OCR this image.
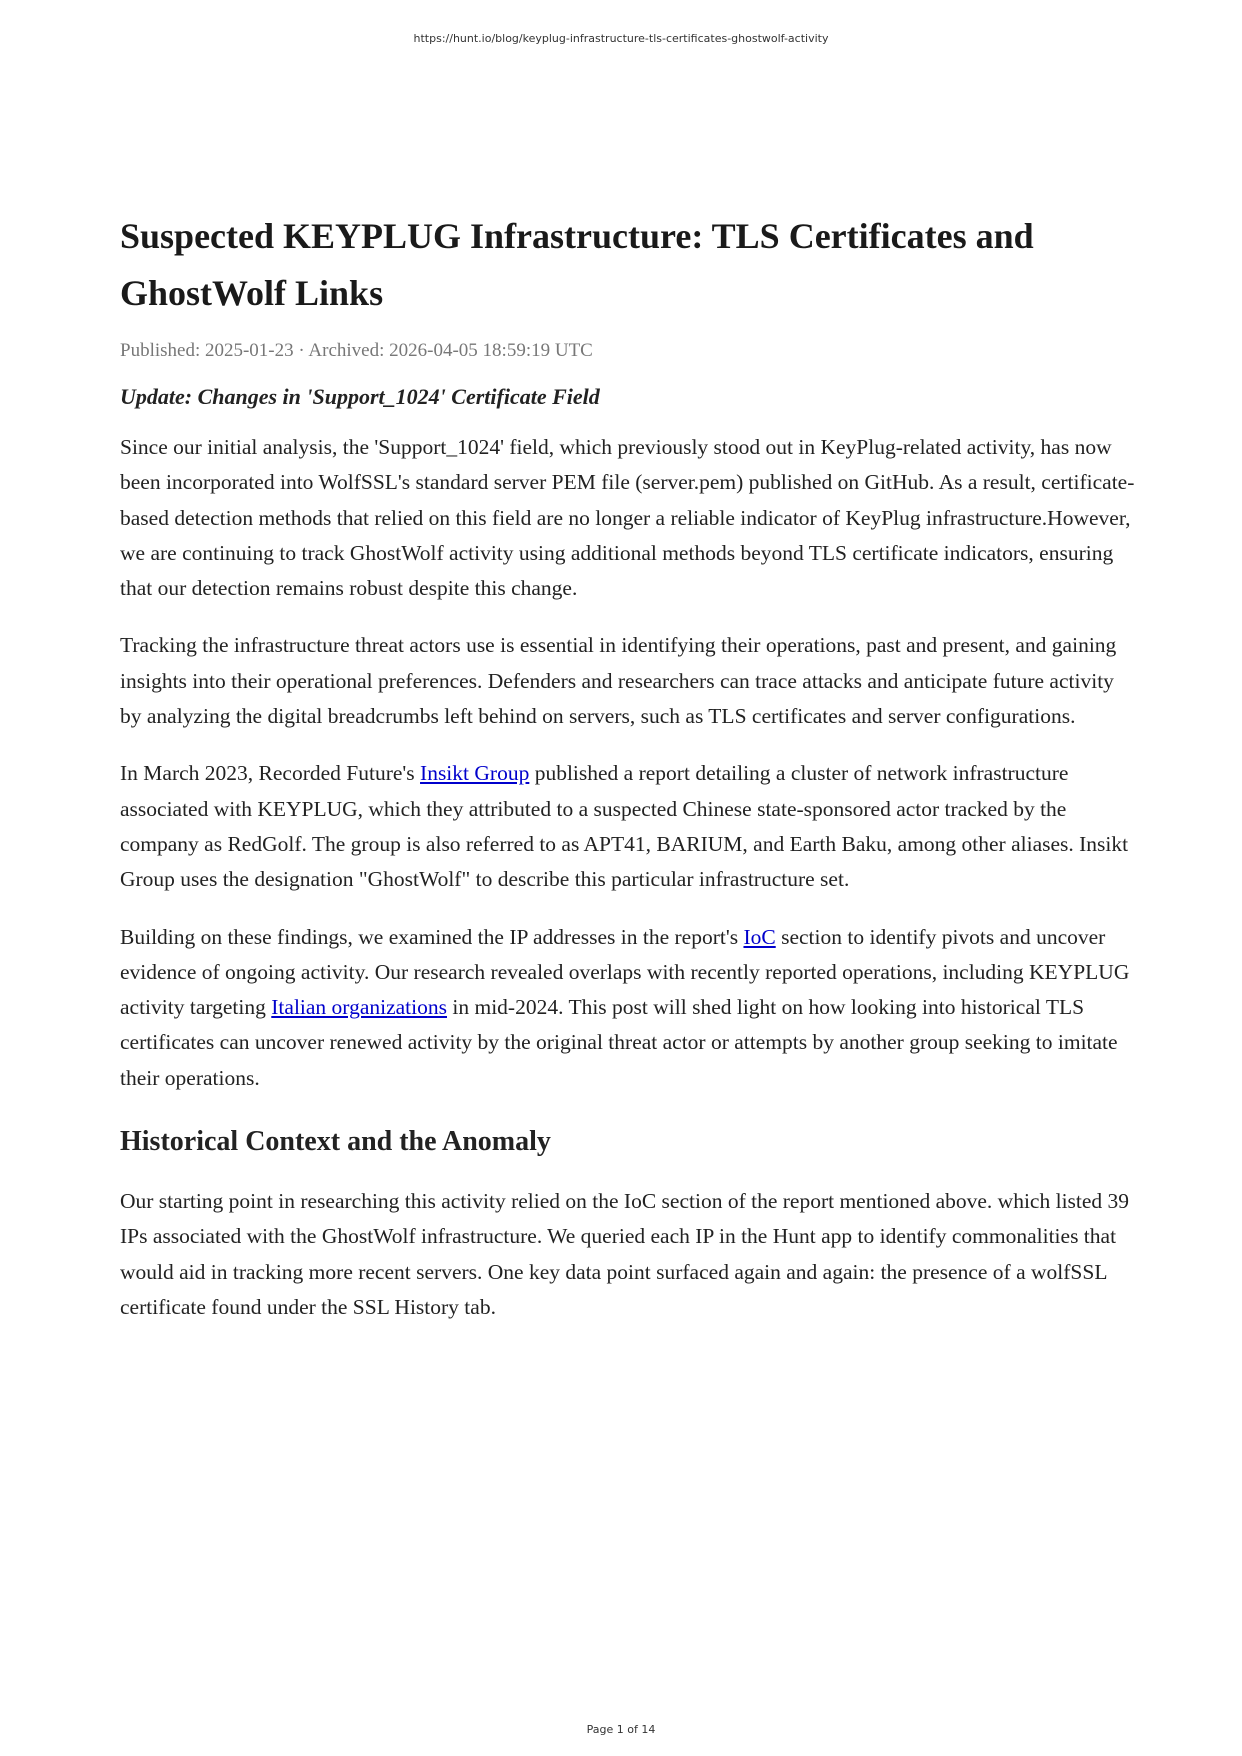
https://hunt.io/blog/keyplug-infrastructure-tls-certificates-ghostwolf-activity
Suspected KEYPLUG Infrastructure: TLS Certificates and GhostWolf Links
Published: 2025-01-23 · Archived: 2026-04-05 18:59:19 UTC
Update: Changes in 'Support_1024' Certificate Field

Since our initial analysis, the 'Support_1024' field, which previously stood out in KeyPlug-related activity, has now been incorporated into WolfSSL's standard server PEM file (server.pem) published on GitHub. As a result, certificate-based detection methods that relied on this field are no longer a reliable indicator of KeyPlug infrastructure.However, we are continuing to track GhostWolf activity using additional methods beyond TLS certificate indicators, ensuring that our detection remains robust despite this change.

Tracking the infrastructure threat actors use is essential in identifying their operations, past and present, and gaining insights into their operational preferences. Defenders and researchers can trace attacks and anticipate future activity by analyzing the digital breadcrumbs left behind on servers, such as TLS certificates and server configurations.

In March 2023, Recorded Future's Insikt Group published a report detailing a cluster of network infrastructure associated with KEYPLUG, which they attributed to a suspected Chinese state-sponsored actor tracked by the company as RedGolf. The group is also referred to as APT41, BARIUM, and Earth Baku, among other aliases. Insikt Group uses the designation "GhostWolf" to describe this particular infrastructure set.

Building on these findings, we examined the IP addresses in the report's IoC section to identify pivots and uncover evidence of ongoing activity. Our research revealed overlaps with recently reported operations, including KEYPLUG activity targeting Italian organizations in mid-2024. This post will shed light on how looking into historical TLS certificates can uncover renewed activity by the original threat actor or attempts by another group seeking to imitate their operations.

Historical Context and the Anomaly

Our starting point in researching this activity relied on the IoC section of the report mentioned above. which listed 39 IPs associated with the GhostWolf infrastructure. We queried each IP in the Hunt app to identify commonalities that would aid in tracking more recent servers. One key data point surfaced again and again: the presence of a wolfSSL certificate found under the SSL History tab.

Page 1 of 14
